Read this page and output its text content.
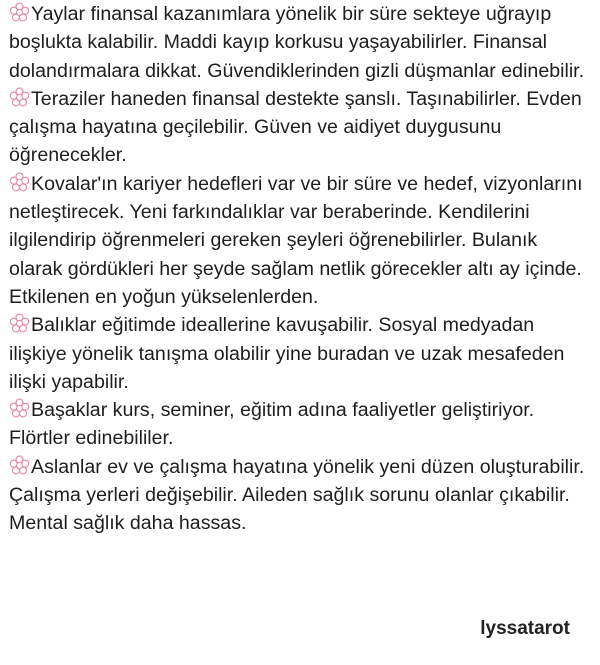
Yaylar finansal kazanımlara yönelik bir süre sekteye uğrayıp boşlukta kalabilir. Maddi kayıp korkusu yaşayabilirler. Finansal dolandırmalara dikkat. Güvendiklerinden gizli düşmanlar edinebilir.

Teraziler haneden finansal destekte şanslı. Taşınabilirler. Evden çalışma hayatına geçilebilir. Güven ve aidiyet duygusunu öğrenecekler.

Kovalar'ın kariyer hedefleri var ve bir süre ve hedef, vizyonlarını netleştirecek. Yeni farkındalıklar var beraberinde. Kendilerini ilgilendirip öğrenmeleri gereken şeyleri öğrenebilirler. Bulanık olarak gördükleri her şeyde sağlam netlik görecekler altı ay içinde. Etkilenen en yoğun yükselenlerden.

Balıklar eğitimde ideallerine kavuşabilir. Sosyal medyadan ilişkiye yönelik tanışma olabilir yine buradan ve uzak mesafeden ilişki yapabilir.

Başaklar kurs, seminer, eğitim adına faaliyetler geliştiriyor. Flörtler edinebililer.

Aslanlar ev ve çalışma hayatına yönelik yeni düzen oluşturabilir. Çalışma yerleri değişebilir. Aileden sağlık sorunu olanlar çıkabilir. Mental sağlık daha hassas.

lyssatarot
